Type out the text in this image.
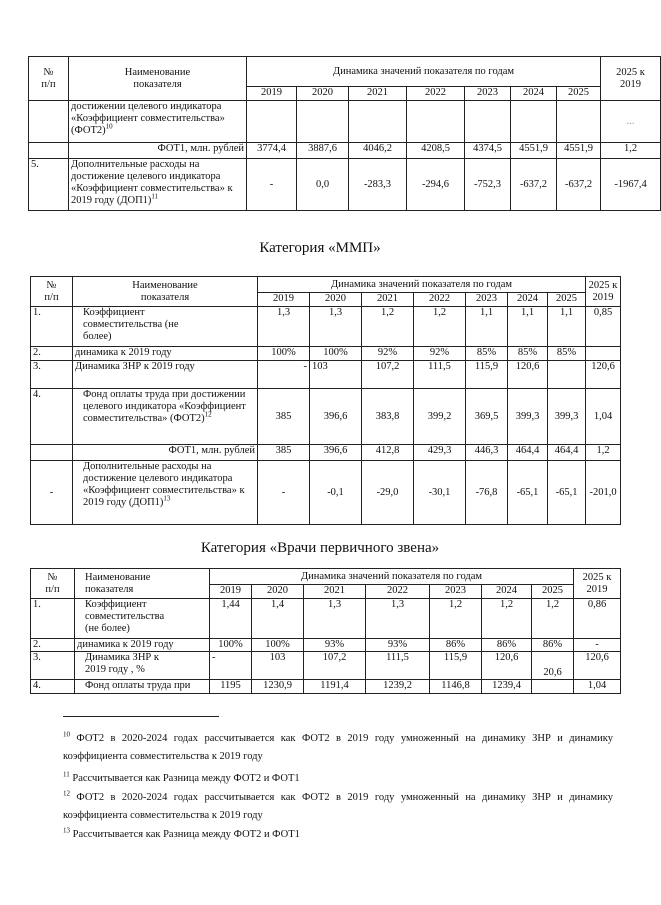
№
п/п	Наименование
показателя	Динамика значений показателя по годам							2025 к
2019
		2019	2020	2021	2022	2023	2024	2025	
	достижении целевого индикатора «Коэффициент совместительства» $(ФОТ2)^{10}$								...
	ФОТ1, млн. рублей	3774,4	3887,6	4046,2	4208,5	4374,5	4551,9	4551,9	1,2
5.	Дополнительные расходы на достижение целевого индикатора «Коэффициент совместительства» к 2019 году $(ДОП1)^{11}$	-	0,0	-283,3	-294,6	-752,3	-637,2	-637,2	-1967,4
Категория «ММП»
№
п/п	Наименование
показателя	Динамика значений показателя по годам							2025 к
2019
		2019	2020	2021	2022	2023	2024	2025	
1.	Коэффициент совместительства (не более)	1,3	1,3	1,2	1,2	1,1	1,1	1,1	0,85
2.	динамика к 2019 году	100%	100%	92%	92%	85%	85%	85%	
3.	Динамика ЗНР к 2019 году	-	103	107,2	111,5	115,9	120,6		120,6
4.	Фонд оплаты труда при достижении целевого индикатора «Коэффициент совместительства» $(ФОТ2)^{12}$	385	396,6	383,8	399,2	369,5	399,3	399,3	1,04
	ФОТ1, млн. рублей	385	396,6	412,8	429,3	446,3	464,4	464,4	1,2
-	Дополнительные расходы на достижение целевого индикатора «Коэффициент совместительства» к 2019 году $(ДОП1)^{13}$	-	-0,1	-29,0	-30,1	-76,8	-65,1	-65,1	-201,0
Категория «Врачи первичного звена»
№
п/п	Наименование
показателя	Динамика значений показателя по годам							2025 к
2019
		2019	2020	2021	2022	2023	2024	2025	
1.	Коэффициент совместительства (не более)	1,44	1,4	1,3	1,3	1,2	1,2	1,2	0,86
2.	динамика к 2019 году	100%	100%	93%	93%	86%	86%	86%	-
3.	Динамика ЗНР к 2019 году , %	-	103	107,2	111,5	115,9	120,6	20,6	120,6
4.	Фонд оплаты труда при	1195	1230,9	1191,4	1239,2	1146,8	1239,4		1,04
$^{10}$ ФОТ2 в 2020-2024 годах рассчитывается как ФОТ2 в 2019 году умноженный на динамику ЗНР и динамику коэффициента совместительства к 2019 году
$^{11}$ Рассчитывается как Разница между ФОТ2 и ФОТ1
$^{12}$ ФОТ2 в 2020-2024 годах рассчитывается как ФОТ2 в 2019 году умноженный на динамику ЗНР и динамику коэффициента совместительства к 2019 году
$^{13}$ Рассчитывается как Разница между ФОТ2 и ФОТ1
